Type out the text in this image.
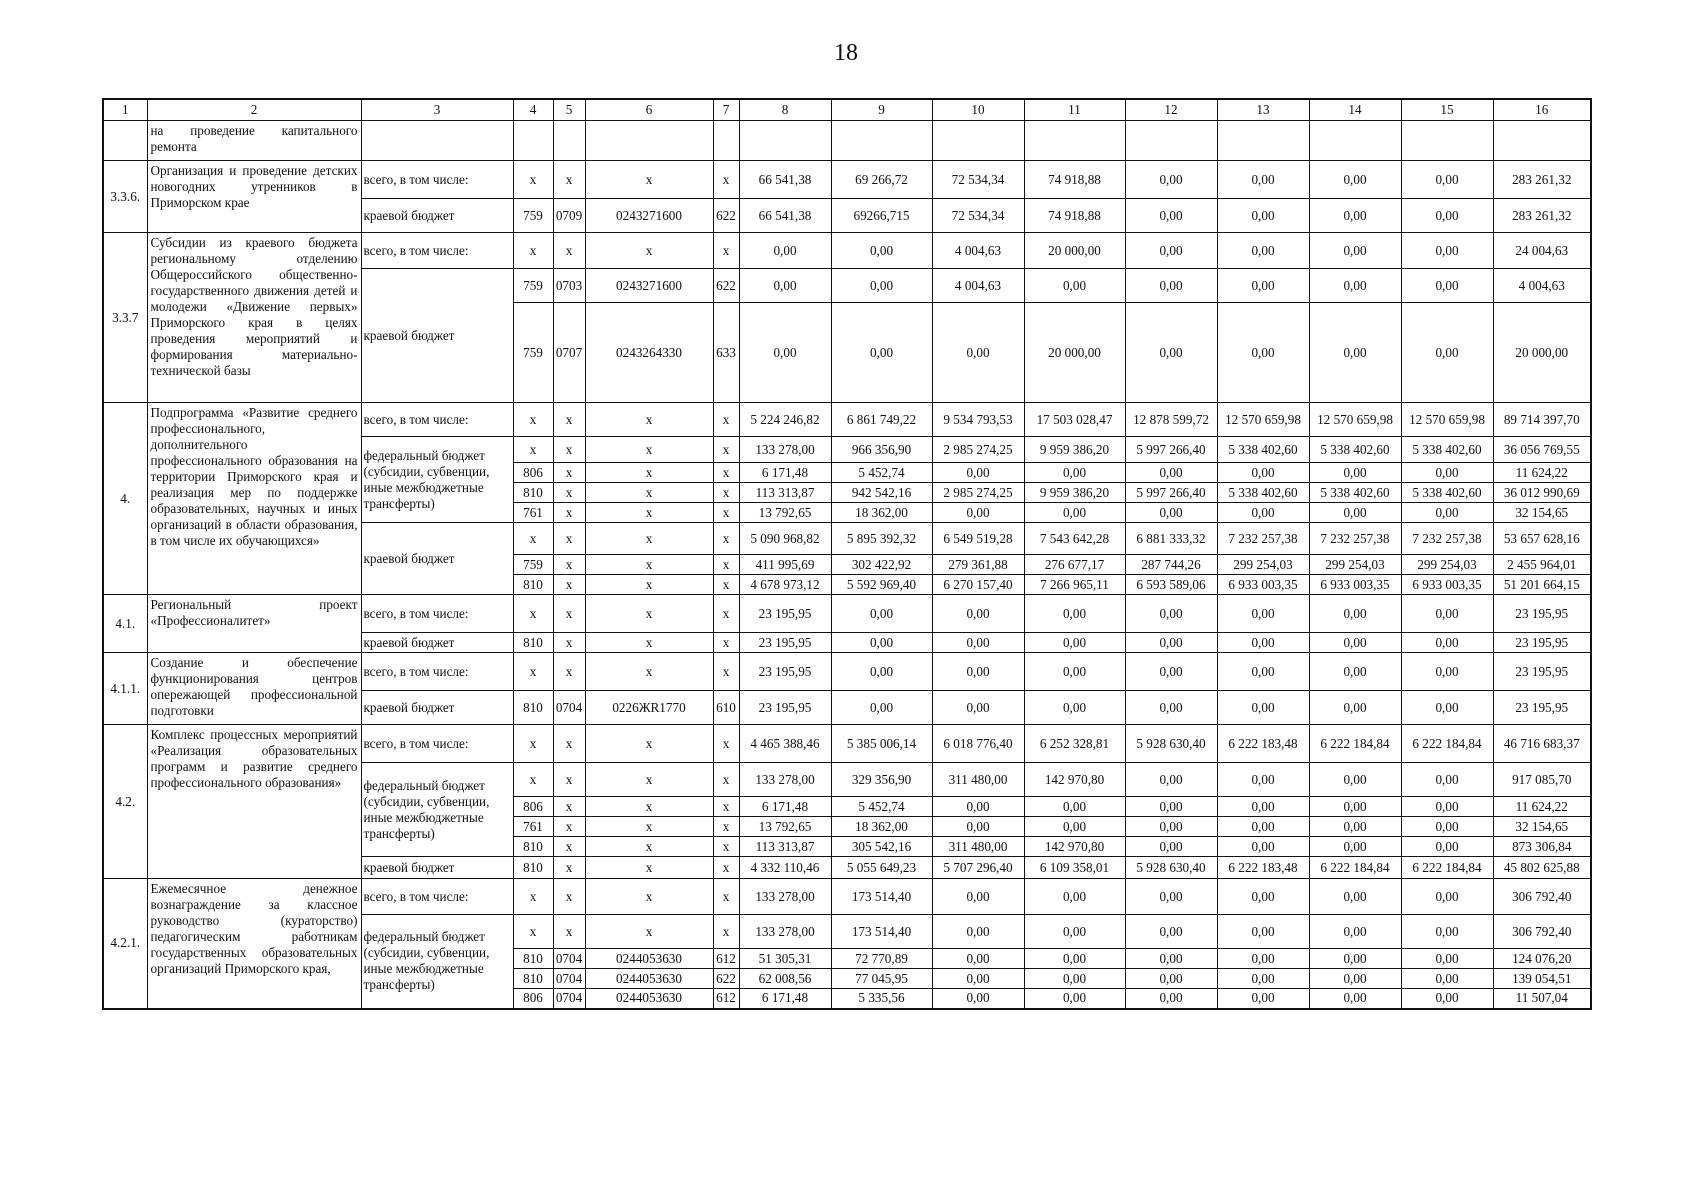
18
1	2	3	4	5	6	7	8	9	10	11	12	13	14	15	16
	на проведение капитального ремонта														
3.3.6.	Организация и проведение детских новогодних утренников в Приморском крае	всего, в том числе:	x	x	x	x	66 541,38	69 266,72	72 534,34	74 918,88	0,00	0,00	0,00	0,00	283 261,32
		краевой бюджет	759	0709	0243271600	622	66 541,38	69266,715	72 534,34	74 918,88	0,00	0,00	0,00	0,00	283 261,32
3.3.7	Субсидии из краевого бюджета региональному отделению Общероссийского общественно-государственного движения детей и молодежи «Движение первых» Приморского края в целях проведения мероприятий и формирования материально-технической базы	всего, в том числе:	x	x	x	x	0,00	0,00	4 004,63	20 000,00	0,00	0,00	0,00	0,00	24 004,63
		краевой бюджет	759	0703	0243271600	622	0,00	0,00	4 004,63	0,00	0,00	0,00	0,00	0,00	4 004,63
			759	0707	0243264330	633	0,00	0,00	0,00	20 000,00	0,00	0,00	0,00	0,00	20 000,00
4.	Подпрограмма «Развитие среднего профессионального, дополнительного профессионального образования на территории Приморского края и реализация мер по поддержке образовательных, научных и иных организаций в области образования, в том числе их обучающихся»	всего, в том числе:	x	x	x	x	5 224 246,82	6 861 749,22	9 534 793,53	17 503 028,47	12 878 599,72	12 570 659,98	12 570 659,98	12 570 659,98	89 714 397,70
		федеральный бюджет (субсидии, субвенции, иные межбюджетные трансферты)	x	x	x	x	133 278,00	966 356,90	2 985 274,25	9 959 386,20	5 997 266,40	5 338 402,60	5 338 402,60	5 338 402,60	36 056 769,55
			806	x	x	x	6 171,48	5 452,74	0,00	0,00	0,00	0,00	0,00	0,00	11 624,22
			810	x	x	x	113 313,87	942 542,16	2 985 274,25	9 959 386,20	5 997 266,40	5 338 402,60	5 338 402,60	5 338 402,60	36 012 990,69
			761	x	x	x	13 792,65	18 362,00	0,00	0,00	0,00	0,00	0,00	0,00	32 154,65
		краевой бюджет	x	x	x	x	5 090 968,82	5 895 392,32	6 549 519,28	7 543 642,28	6 881 333,32	7 232 257,38	7 232 257,38	7 232 257,38	53 657 628,16
			759	x	x	x	411 995,69	302 422,92	279 361,88	276 677,17	287 744,26	299 254,03	299 254,03	299 254,03	2 455 964,01
			810	x	x	x	4 678 973,12	5 592 969,40	6 270 157,40	7 266 965,11	6 593 589,06	6 933 003,35	6 933 003,35	6 933 003,35	51 201 664,15
4.1.	Региональный проект «Профессионалитет»	всего, в том числе:	x	x	x	x	23 195,95	0,00	0,00	0,00	0,00	0,00	0,00	0,00	23 195,95
		краевой бюджет	810	x	x	x	23 195,95	0,00	0,00	0,00	0,00	0,00	0,00	0,00	23 195,95
4.1.1.	Создание и обеспечение функционирования центров опережающей профессиональной подготовки	всего, в том числе:	x	x	x	x	23 195,95	0,00	0,00	0,00	0,00	0,00	0,00	0,00	23 195,95
		краевой бюджет	810	0704	0226ЖR1770	610	23 195,95	0,00	0,00	0,00	0,00	0,00	0,00	0,00	23 195,95
4.2.	Комплекс процессных мероприятий «Реализация образовательных программ и развитие среднего профессионального образования»	всего, в том числе:	x	x	x	x	4 465 388,46	5 385 006,14	6 018 776,40	6 252 328,81	5 928 630,40	6 222 183,48	6 222 184,84	6 222 184,84	46 716 683,37
		федеральный бюджет (субсидии, субвенции, иные межбюджетные трансферты)	x	x	x	x	133 278,00	329 356,90	311 480,00	142 970,80	0,00	0,00	0,00	0,00	917 085,70
			806	x	x	x	6 171,48	5 452,74	0,00	0,00	0,00	0,00	0,00	0,00	11 624,22
			761	x	x	x	13 792,65	18 362,00	0,00	0,00	0,00	0,00	0,00	0,00	32 154,65
			810	x	x	x	113 313,87	305 542,16	311 480,00	142 970,80	0,00	0,00	0,00	0,00	873 306,84
		краевой бюджет	810	x	x	x	4 332 110,46	5 055 649,23	5 707 296,40	6 109 358,01	5 928 630,40	6 222 183,48	6 222 184,84	6 222 184,84	45 802 625,88
4.2.1.	Ежемесячное денежное вознаграждение за классное руководство (кураторство) педагогическим работникам государственных образовательных организаций Приморского края,	всего, в том числе:	x	x	x	x	133 278,00	173 514,40	0,00	0,00	0,00	0,00	0,00	0,00	306 792,40
		федеральный бюджет (субсидии, субвенции, иные межбюджетные трансферты)	x	x	x	x	133 278,00	173 514,40	0,00	0,00	0,00	0,00	0,00	0,00	306 792,40
			810	0704	0244053630	612	51 305,31	72 770,89	0,00	0,00	0,00	0,00	0,00	0,00	124 076,20
			810	0704	0244053630	622	62 008,56	77 045,95	0,00	0,00	0,00	0,00	0,00	0,00	139 054,51
			806	0704	0244053630	612	6 171,48	5 335,56	0,00	0,00	0,00	0,00	0,00	0,00	11 507,04
